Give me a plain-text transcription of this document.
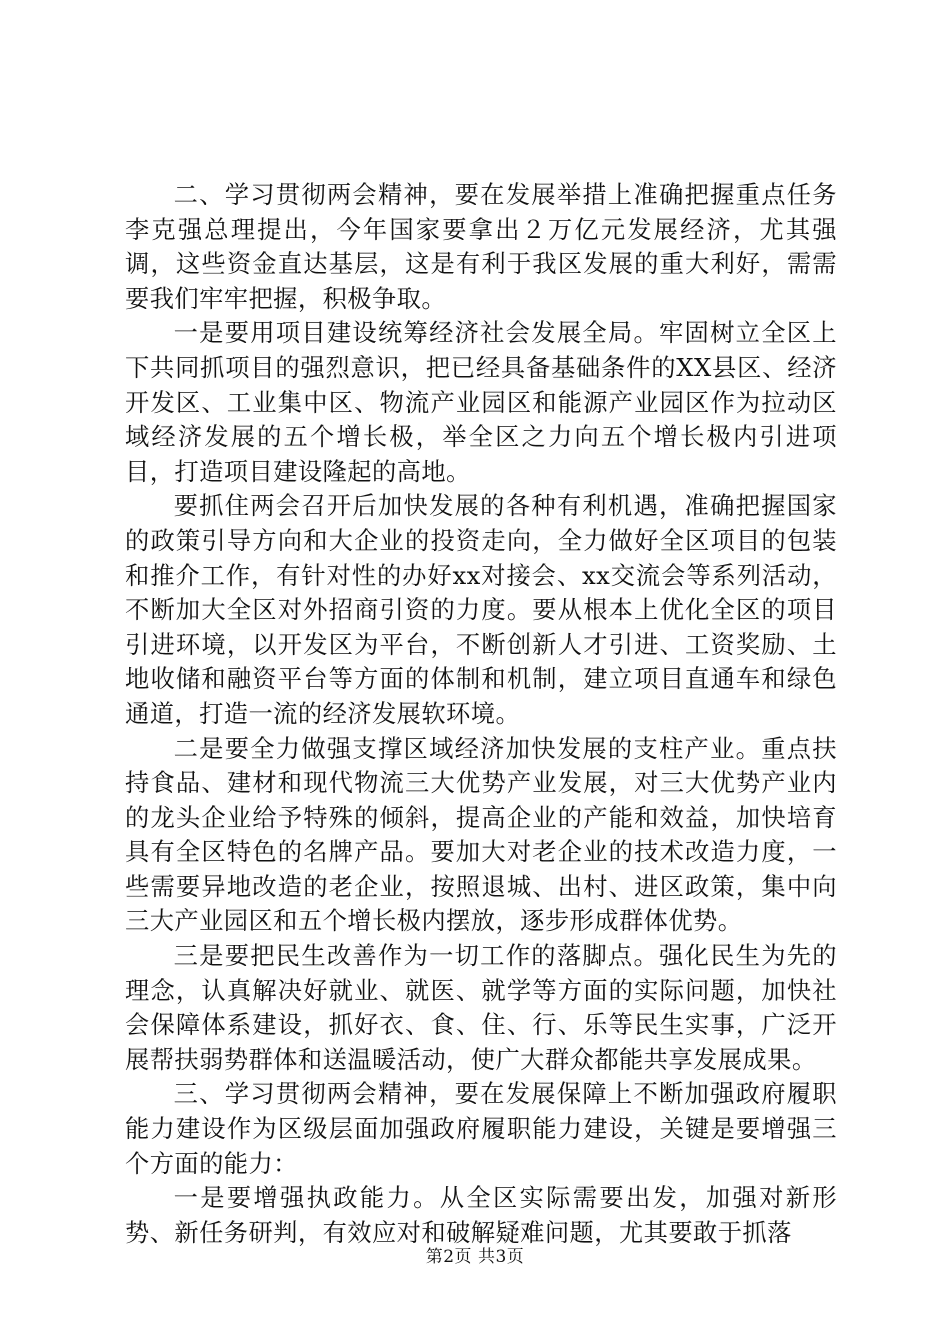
二、学习贯彻两会精神，要在发展举措上准确把握重点任务李克强总理提出，今年国家要拿出２万亿元发展经济，尤其强调，这些资金直达基层，这是有利于我区发展的重大利好，需需要我们牢牢把握，积极争取。

一是要用项目建设统筹经济社会发展全局。牢固树立全区上下共同抓项目的强烈意识，把已经具备基础条件的XX县区、经济开发区、工业集中区、物流产业园区和能源产业园区作为拉动区域经济发展的五个增长极，举全区之力向五个增长极内引进项目，打造项目建设隆起的高地。

要抓住两会召开后加快发展的各种有利机遇，准确把握国家的政策引导方向和大企业的投资走向，全力做好全区项目的包装和推介工作，有针对性的办好xx对接会、xx交流会等系列活动，不断加大全区对外招商引资的力度。要从根本上优化全区的项目引进环境，以开发区为平台，不断创新人才引进、工资奖励、土地收储和融资平台等方面的体制和机制，建立项目直通车和绿色通道，打造一流的经济发展软环境。

二是要全力做强支撑区域经济加快发展的支柱产业。重点扶持食品、建材和现代物流三大优势产业发展，对三大优势产业内的龙头企业给予特殊的倾斜，提高企业的产能和效益，加快培育具有全区特色的名牌产品。要加大对老企业的技术改造力度，一些需要异地改造的老企业，按照退城、出村、进区政策，集中向三大产业园区和五个增长极内摆放，逐步形成群体优势。

三是要把民生改善作为一切工作的落脚点。强化民生为先的理念，认真解决好就业、就医、就学等方面的实际问题，加快社会保障体系建设，抓好衣、食、住、行、乐等民生实事，广泛开展帮扶弱势群体和送温暖活动，使广大群众都能共享发展成果。

三、学习贯彻两会精神，要在发展保障上不断加强政府履职能力建设作为区级层面加强政府履职能力建设，关键是要增强三个方面的能力：

一是要增强执政能力。从全区实际需要出发，加强对新形势、新任务研判，有效应对和破解疑难问题，尤其要敢于抓落

第2页 共3页
